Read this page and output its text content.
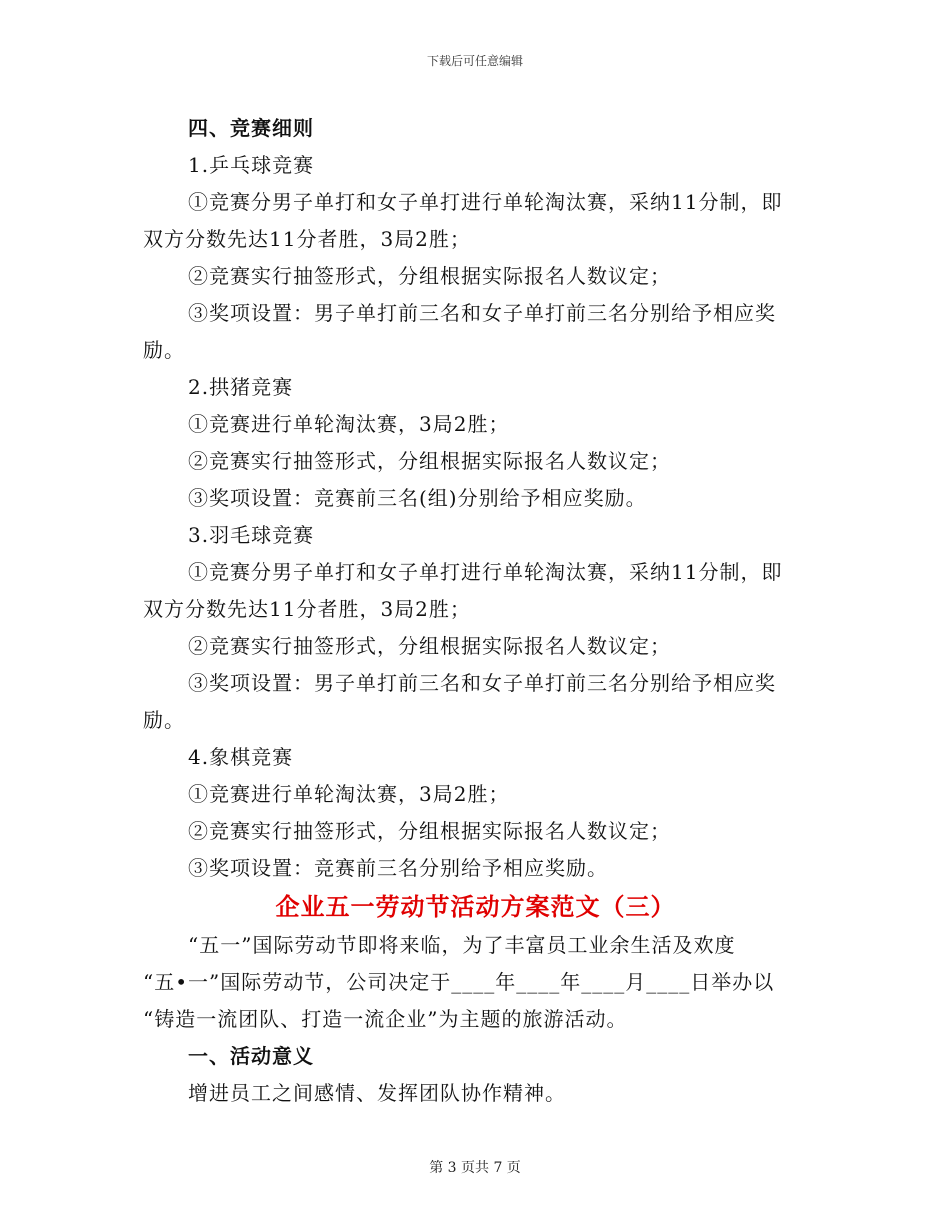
下载后可任意编辑
四、竞赛细则
1.乒乓球竞赛
①竞赛分男子单打和女子单打进行单轮淘汰赛，采纳11分制，即
双方分数先达11分者胜，3局2胜；
②竞赛实行抽签形式，分组根据实际报名人数议定；
③奖项设置：男子单打前三名和女子单打前三名分别给予相应奖
励。
2.拱猪竞赛
①竞赛进行单轮淘汰赛，3局2胜；
②竞赛实行抽签形式，分组根据实际报名人数议定；
③奖项设置：竞赛前三名(组)分别给予相应奖励。
3.羽毛球竞赛
①竞赛分男子单打和女子单打进行单轮淘汰赛，采纳11分制，即
双方分数先达11分者胜，3局2胜；
②竞赛实行抽签形式，分组根据实际报名人数议定；
③奖项设置：男子单打前三名和女子单打前三名分别给予相应奖
励。
4.象棋竞赛
①竞赛进行单轮淘汰赛，3局2胜；
②竞赛实行抽签形式，分组根据实际报名人数议定；
③奖项设置：竞赛前三名分别给予相应奖励。
企业五一劳动节活动方案范文（三）
“五一”国际劳动节即将来临，为了丰富员工业余生活及欢度
“五•一”国际劳动节，公司决定于____年____年____月____日举办以
“铸造一流团队、打造一流企业”为主题的旅游活动。
一、活动意义
增进员工之间感情、发挥团队协作精神。
第 3 页共 7 页
